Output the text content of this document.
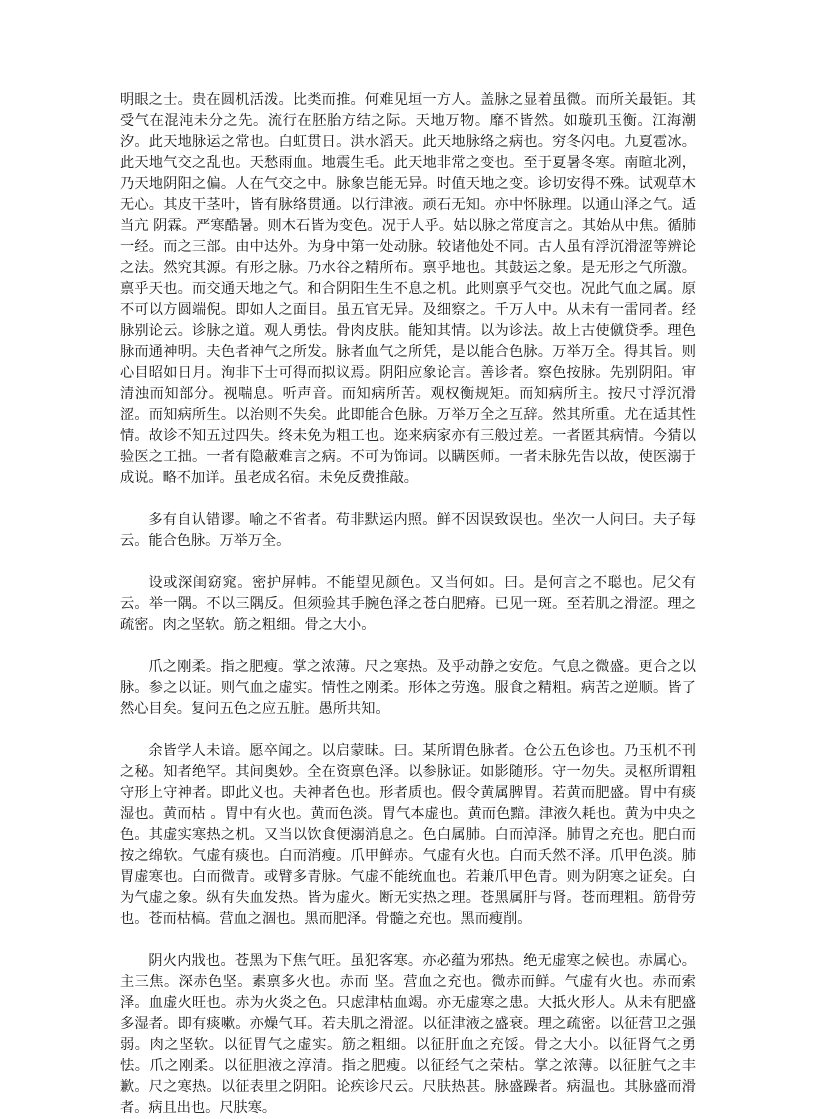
明眼之士。贵在圆机活泼。比类而推。何难见垣一方人。盖脉之显着虽微。而所关最钜。其受气在混沌未分之先。流行在胚胎方结之际。天地万物。靡不皆然。如璇玑玉衡。江海潮汐。此天地脉运之常也。白虹贯日。洪水滔天。此天地脉络之病也。穷冬闪电。九夏雹冰。此天地气交之乱也。天愁雨血。地震生毛。此天地非常之变也。至于夏暑冬寒。南暄北冽，乃天地阴阳之偏。人在气交之中。脉象岂能无异。时值天地之变。诊切安得不殊。试观草木无心。其皮干茎叶，皆有脉络贯通。以行津液。顽石无知。亦中怀脉理。以通山泽之气。适当亢 阴霖。严寒酷暑。则木石皆为变色。况于人乎。姑以脉之常度言之。其始从中焦。循肺一经。而之三部。由中达外。为身中第一处动脉。较诸他处不同。古人虽有浮沉滑涩等辨论之法。然究其源。有形之脉。乃水谷之精所布。禀乎地也。其鼓运之象。是无形之气所激。禀乎天也。而交通天地之气。和合阴阳生生不息之机。此则禀乎气交也。况此气血之属。原不可以方圆端倪。即如人之面目。虽五官无异。及细察之。千万人中。从未有一雷同者。经脉别论云。诊脉之道。观人勇怯。骨肉皮肤。能知其情。以为诊法。故上古使僦贷季。理色脉而通神明。夫色者神气之所发。脉者血气之所凭，是以能合色脉。万举万全。得其旨。则心目昭如日月。洵非下士可得而拟议焉。阴阳应象论言。善诊者。察色按脉。先别阴阳。审清浊而知部分。视喘息。听声音。而知病所苦。观权衡规矩。而知病所主。按尺寸浮沉滑涩。而知病所生。以治则不失矣。此即能合色脉。万举万全之互辞。然其所重。尤在适其性情。故诊不知五过四失。终未免为粗工也。迩来病家亦有三般过差。一者匿其病情。今猜以验医之工拙。一者有隐蔽难言之病。不可为饰词。以瞒医师。一者未脉先告以故，使医溺于成说。略不加详。虽老成名宿。未免反费推敲。

多有自认错谬。喻之不省者。苟非默运内照。鲜不因误致误也。坐次一人问曰。夫子每云。能合色脉。万举万全。

设或深闺窈窕。密护屏帏。不能望见颜色。又当何如。曰。是何言之不聪也。尼父有云。举一隅。不以三隅反。但须验其手腕色泽之苍白肥瘠。已见一斑。至若肌之滑涩。理之疏密。肉之坚软。筋之粗细。骨之大小。

爪之刚柔。指之肥瘦。掌之浓薄。尺之寒热。及乎动静之安危。气息之微盛。更合之以脉。参之以证。则气血之虚实。情性之刚柔。形体之劳逸。服食之精粗。病苦之逆顺。皆了然心目矣。复问五色之应五脏。愚所共知。

余皆学人未谙。愿卒闻之。以启蒙昧。曰。某所谓色脉者。仓公五色诊也。乃玉机不刊之秘。知者绝罕。其间奥妙。全在资禀色泽。以参脉证。如影随形。守一勿失。灵枢所谓粗守形上守神者。即此义也。夫神者色也。形者质也。假令黄属脾胃。若黄而肥盛。胃中有痰湿也。黄而枯 。胃中有火也。黄而色淡。胃气本虚也。黄而色黯。津液久耗也。黄为中央之色。其虚实寒热之机。又当以饮食便溺消息之。色白属肺。白而淖泽。肺胃之充也。肥白而按之绵软。气虚有痰也。白而消瘦。爪甲鲜赤。气虚有火也。白而夭然不泽。爪甲色淡。肺胃虚寒也。白而微青。或臂多青脉。气虚不能统血也。若兼爪甲色青。则为阴寒之证矣。白为气虚之象。纵有失血发热。皆为虚火。断无实热之理。苍黑属肝与肾。苍而理粗。筋骨劳 也。苍而枯槁。营血之涸也。黑而肥泽。骨髓之充也。黑而瘦削。

阴火内戕也。苍黑为下焦气旺。虽犯客寒。亦必蕴为邪热。绝无虚寒之候也。赤属心。主三焦。深赤色坚。素禀多火也。赤而 坚。营血之充也。微赤而鲜。气虚有火也。赤而索泽。血虚火旺也。赤为火炎之色。只虑津枯血竭。亦无虚寒之患。大抵火形人。从未有肥盛多湿者。即有痰嗽。亦燥气耳。若夫肌之滑涩。以征津液之盛衰。理之疏密。以征营卫之强弱。肉之坚软。以征胃气之虚实。筋之粗细。以征肝血之充馁。骨之大小。以征肾气之勇怯。爪之刚柔。以征胆液之淳清。指之肥瘦。以征经气之荣枯。掌之浓薄。以征脏气之丰歉。尺之寒热。以征表里之阴阳。论疾诊尺云。尺肤热甚。脉盛躁者。病温也。其脉盛而滑者。病且出也。尺肤寒。
